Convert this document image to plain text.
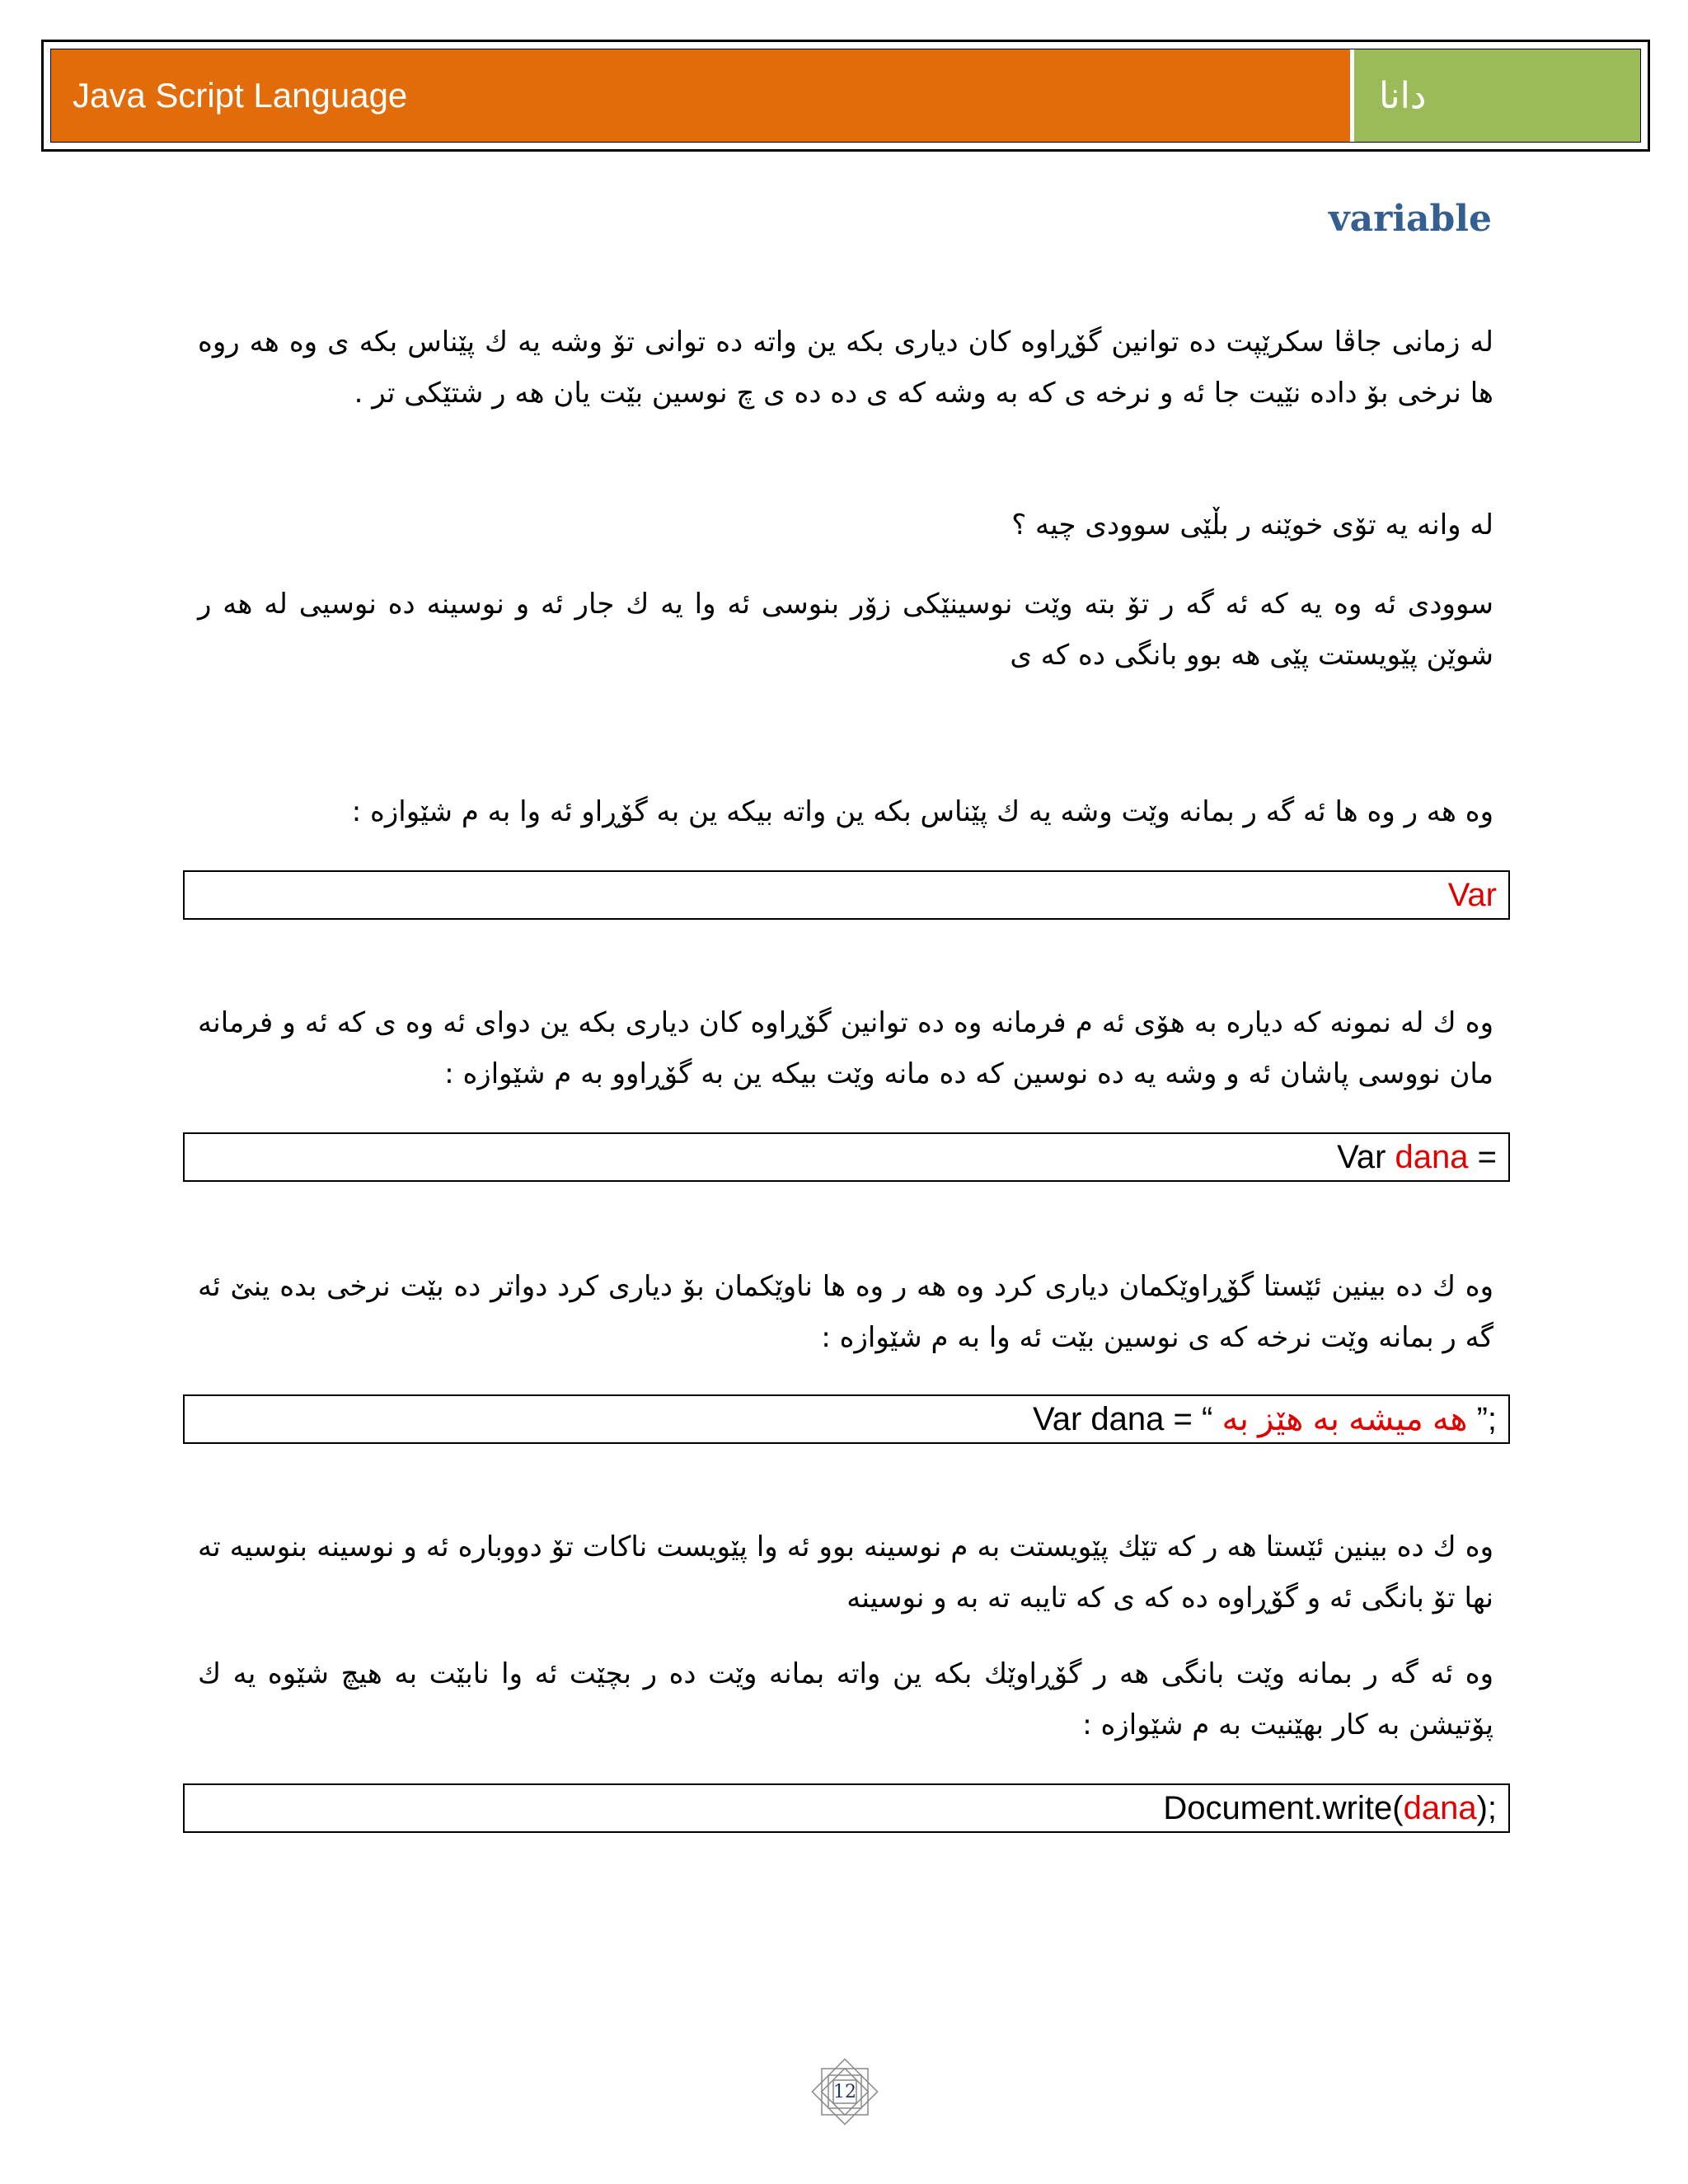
Java Script Language	دانا
variable
له زمانی جاڤا سكرێپت ده توانین گۆڕاوه كان دیاری بكه ین واته ده توانی تۆ وشه یه ك پێناس بكه ی وه هه روه ها نرخی بۆ داده نێیت جا ئه و نرخه ی كه به وشه كه ی ده ده ی چ نوسین بێت یان هه ر شتێكی تر .
له وانه یه تۆی خوێنه ر بڵێی سوودی چیه ؟
سوودی ئه وه یه كه ئه گه ر تۆ بته وێت نوسینێكی زۆر بنوسی ئه وا یه ك جار ئه و نوسینه ده نوسیی له هه ر شوێن پێویستت پێی هه بوو بانگی ده كه ی
وه هه ر وه ها ئه گه ر بمانه وێت وشه یه ك پێناس بكه ین واته بیكه ین به گۆڕاو ئه وا به م شێوازه :
Var
وه ك له نمونه كه دیاره به هۆی ئه م فرمانه وه ده توانین گۆڕاوه كان دیاری بكه ین دوای ئه وه ی كه ئه و فرمانه مان نووسی پاشان ئه و وشه یه ده نوسین كه ده مانه وێت بیكه ین به گۆڕاوو به م شێوازه :
Var dana =
وه ك ده بینین ئێستا گۆڕاوێكمان دیاری كرد وه هه ر وه ها ناوێكمان بۆ دیاری كرد دواتر ده بێت نرخی بده ینێ ئه گه ر بمانه وێت نرخه كه ی نوسین بێت ئه وا به م شێوازه :
Var dana = “ هه میشه به هێز به ”;
وه ك ده بینین ئێستا هه ر كه تێك پێویستت به م نوسینه بوو ئه وا پێویست ناكات تۆ دووباره ئه و نوسینه بنوسیه ته نها تۆ بانگی ئه و گۆڕاوه ده كه ی كه تایبه ته به و نوسینه
وه ئه گه ر بمانه وێت بانگی هه ر گۆڕاوێك بكه ین واته بمانه وێت ده ر بچێت ئه وا نابێت به هیچ شێوه یه ك پۆتیشن به كار بهێنیت به م شێوازه :
Document.write( dana );
12
